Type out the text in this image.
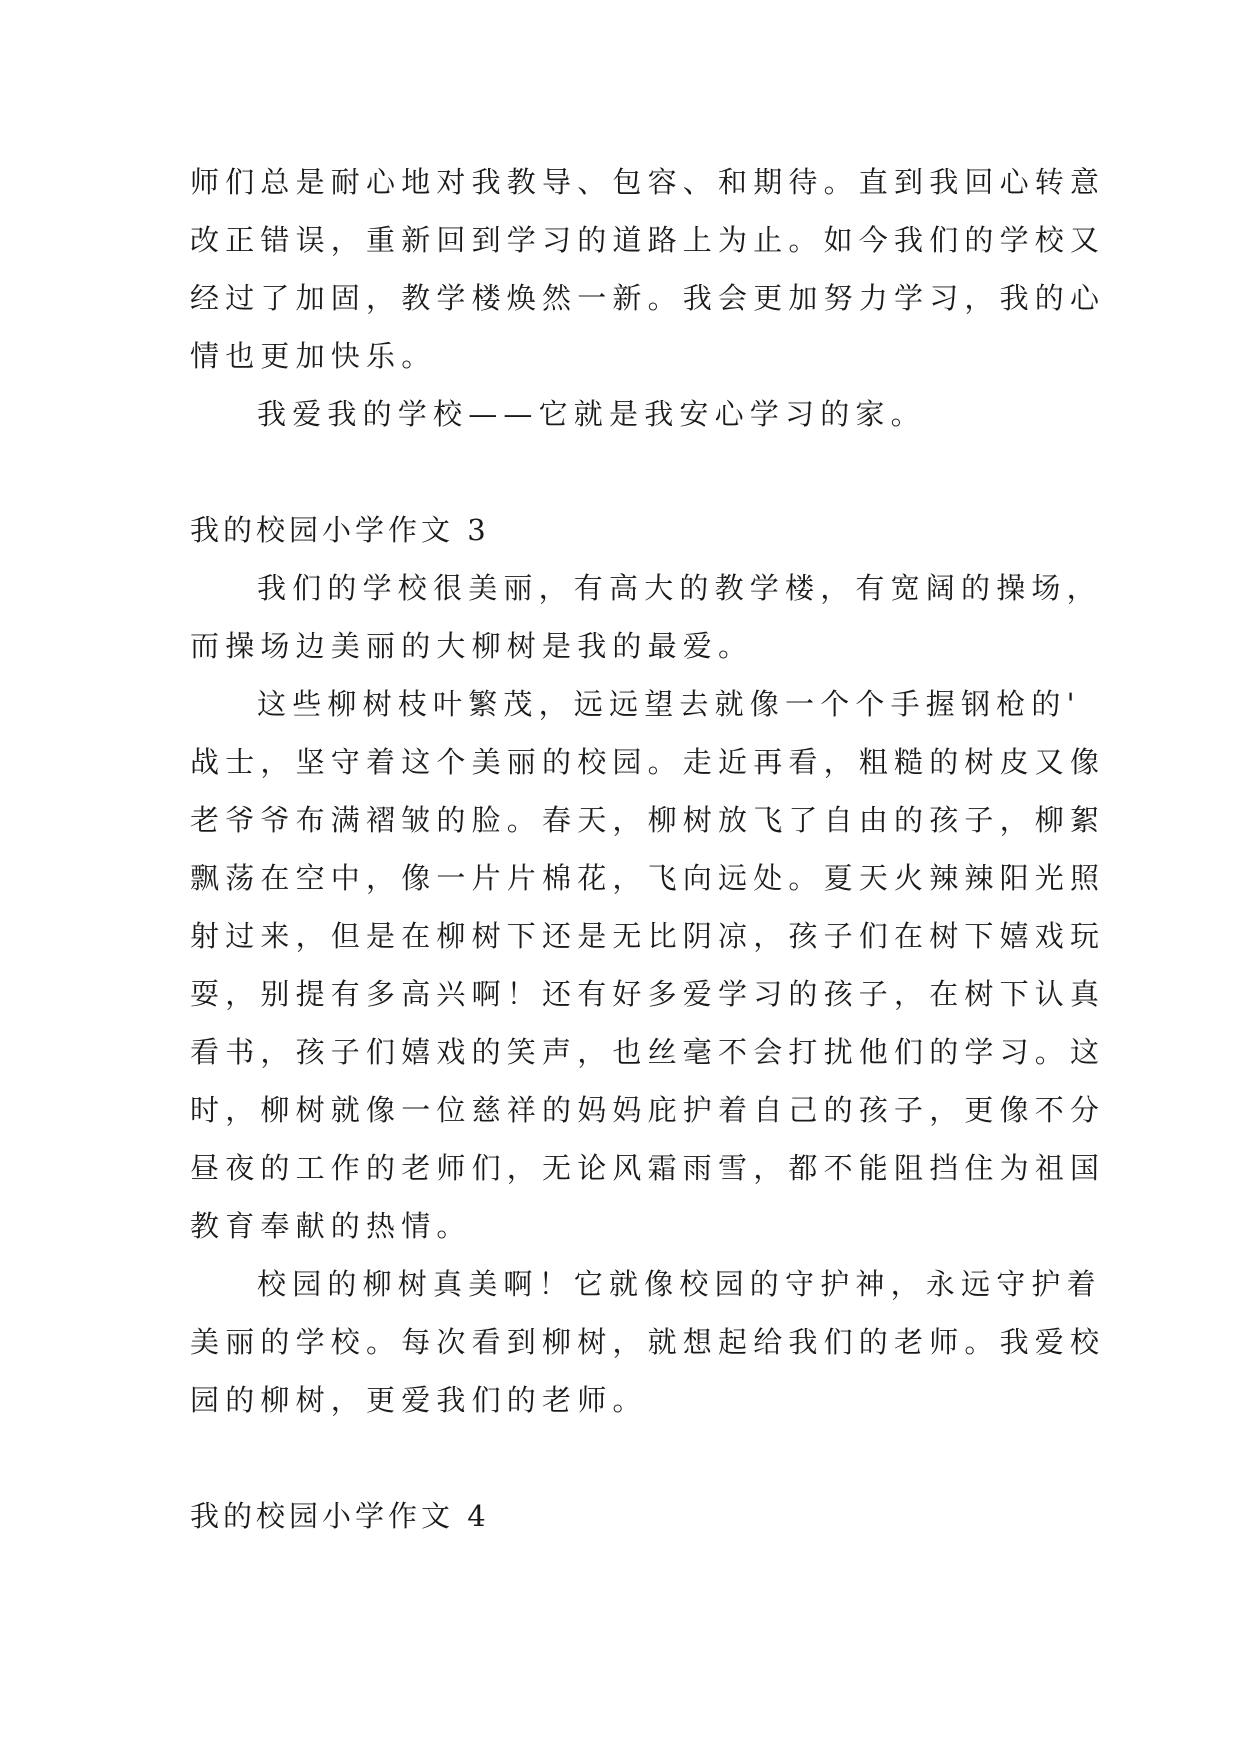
师们总是耐心地对我教导、包容、和期待。直到我回心转意

改正错误，重新回到学习的道路上为止。如今我们的学校又

经过了加固，教学楼焕然一新。我会更加努力学习，我的心

情也更加快乐。

我爱我的学校——它就是我安心学习的家。

我的校园小学作文 3

我们的学校很美丽，有高大的教学楼，有宽阔的操场，

而操场边美丽的大柳树是我的最爱。

这些柳树枝叶繁茂，远远望去就像一个个手握钢枪的'

战士，坚守着这个美丽的校园。走近再看，粗糙的树皮又像

老爷爷布满褶皱的脸。春天，柳树放飞了自由的孩子，柳絮

飘荡在空中，像一片片棉花，飞向远处。夏天火辣辣阳光照

射过来，但是在柳树下还是无比阴凉，孩子们在树下嬉戏玩

耍，别提有多高兴啊！还有好多爱学习的孩子，在树下认真

看书，孩子们嬉戏的笑声，也丝毫不会打扰他们的学习。这

时，柳树就像一位慈祥的妈妈庇护着自己的孩子，更像不分

昼夜的工作的老师们，无论风霜雨雪，都不能阻挡住为祖国

教育奉献的热情。

校园的柳树真美啊！它就像校园的守护神，永远守护着

美丽的学校。每次看到柳树，就想起给我们的老师。我爱校

园的柳树，更爱我们的老师。

我的校园小学作文 4
